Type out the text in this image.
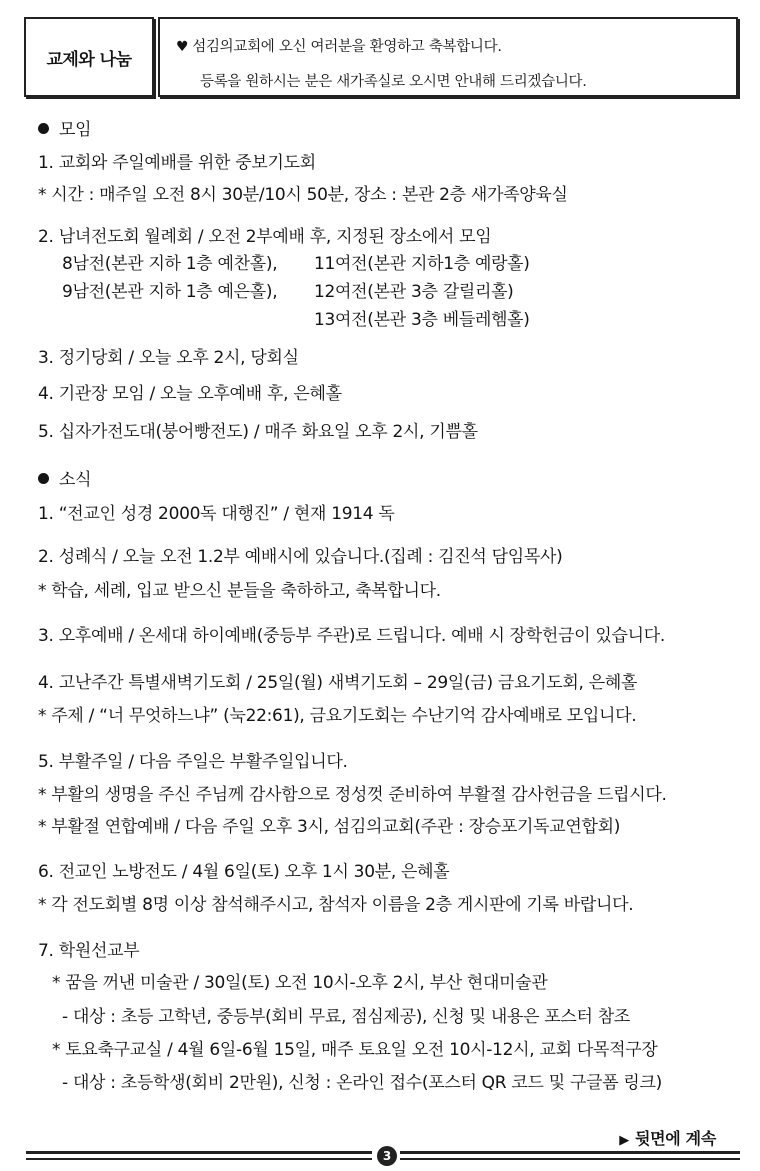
교제와 나눔
♥ 섬김의교회에 오신 여러분을 환영하고 축복합니다.
등록을 원하시는 분은 새가족실로 오시면 안내해 드리겠습니다.
모임
1. 교회와 주일예배를 위한 중보기도회
* 시간 : 매주일 오전 8시 30분/10시 50분, 장소 : 본관 2층 새가족양육실
2. 남녀전도회 월례회 / 오전 2부예배 후, 지정된 장소에서 모임
8남전(본관 지하 1층 예찬홀), 11여전(본관 지하1층 예랑홀)
9남전(본관 지하 1층 예은홀), 12여전(본관 3층 갈릴리홀)
13여전(본관 3층 베들레헴홀)
3. 정기당회 / 오늘 오후 2시, 당회실
4. 기관장 모임 / 오늘 오후예배 후, 은혜홀
5. 십자가전도대(붕어빵전도) / 매주 화요일 오후 2시, 기쁨홀
소식
1. “전교인 성경 2000독 대행진” / 현재 1914 독
2. 성례식 / 오늘 오전 1.2부 예배시에 있습니다.(집례 : 김진석 담임목사)
* 학습, 세례, 입교 받으신 분들을 축하하고, 축복합니다.
3. 오후예배 / 온세대 하이예배(중등부 주관)로 드립니다. 예배 시 장학헌금이 있습니다.
4. 고난주간 특별새벽기도회 / 25일(월) 새벽기도회 – 29일(금) 금요기도회, 은혜홀
* 주제 / “너 무엇하느냐” (눅22:61), 금요기도회는 수난기억 감사예배로 모입니다.
5. 부활주일 / 다음 주일은 부활주일입니다.
* 부활의 생명을 주신 주님께 감사함으로 정성껏 준비하여 부활절 감사헌금을 드립시다.
* 부활절 연합예배 / 다음 주일 오후 3시, 섬김의교회(주관 : 장승포기독교연합회)
6. 전교인 노방전도 / 4월 6일(토) 오후 1시 30분, 은혜홀
* 각 전도회별 8명 이상 참석해주시고, 참석자 이름을 2층 게시판에 기록 바랍니다.
7. 학원선교부
* 꿈을 꺼낸 미술관 / 30일(토) 오전 10시-오후 2시, 부산 현대미술관
- 대상 : 초등 고학년, 중등부(회비 무료, 점심제공), 신청 및 내용은 포스터 참조
* 토요축구교실 / 4월 6일-6월 15일, 매주 토요일 오전 10시-12시, 교회 다목적구장
- 대상 : 초등학생(회비 2만원), 신청 : 온라인 접수(포스터 QR 코드 및 구글폼 링크)
▶ 뒷면에 계속
3
